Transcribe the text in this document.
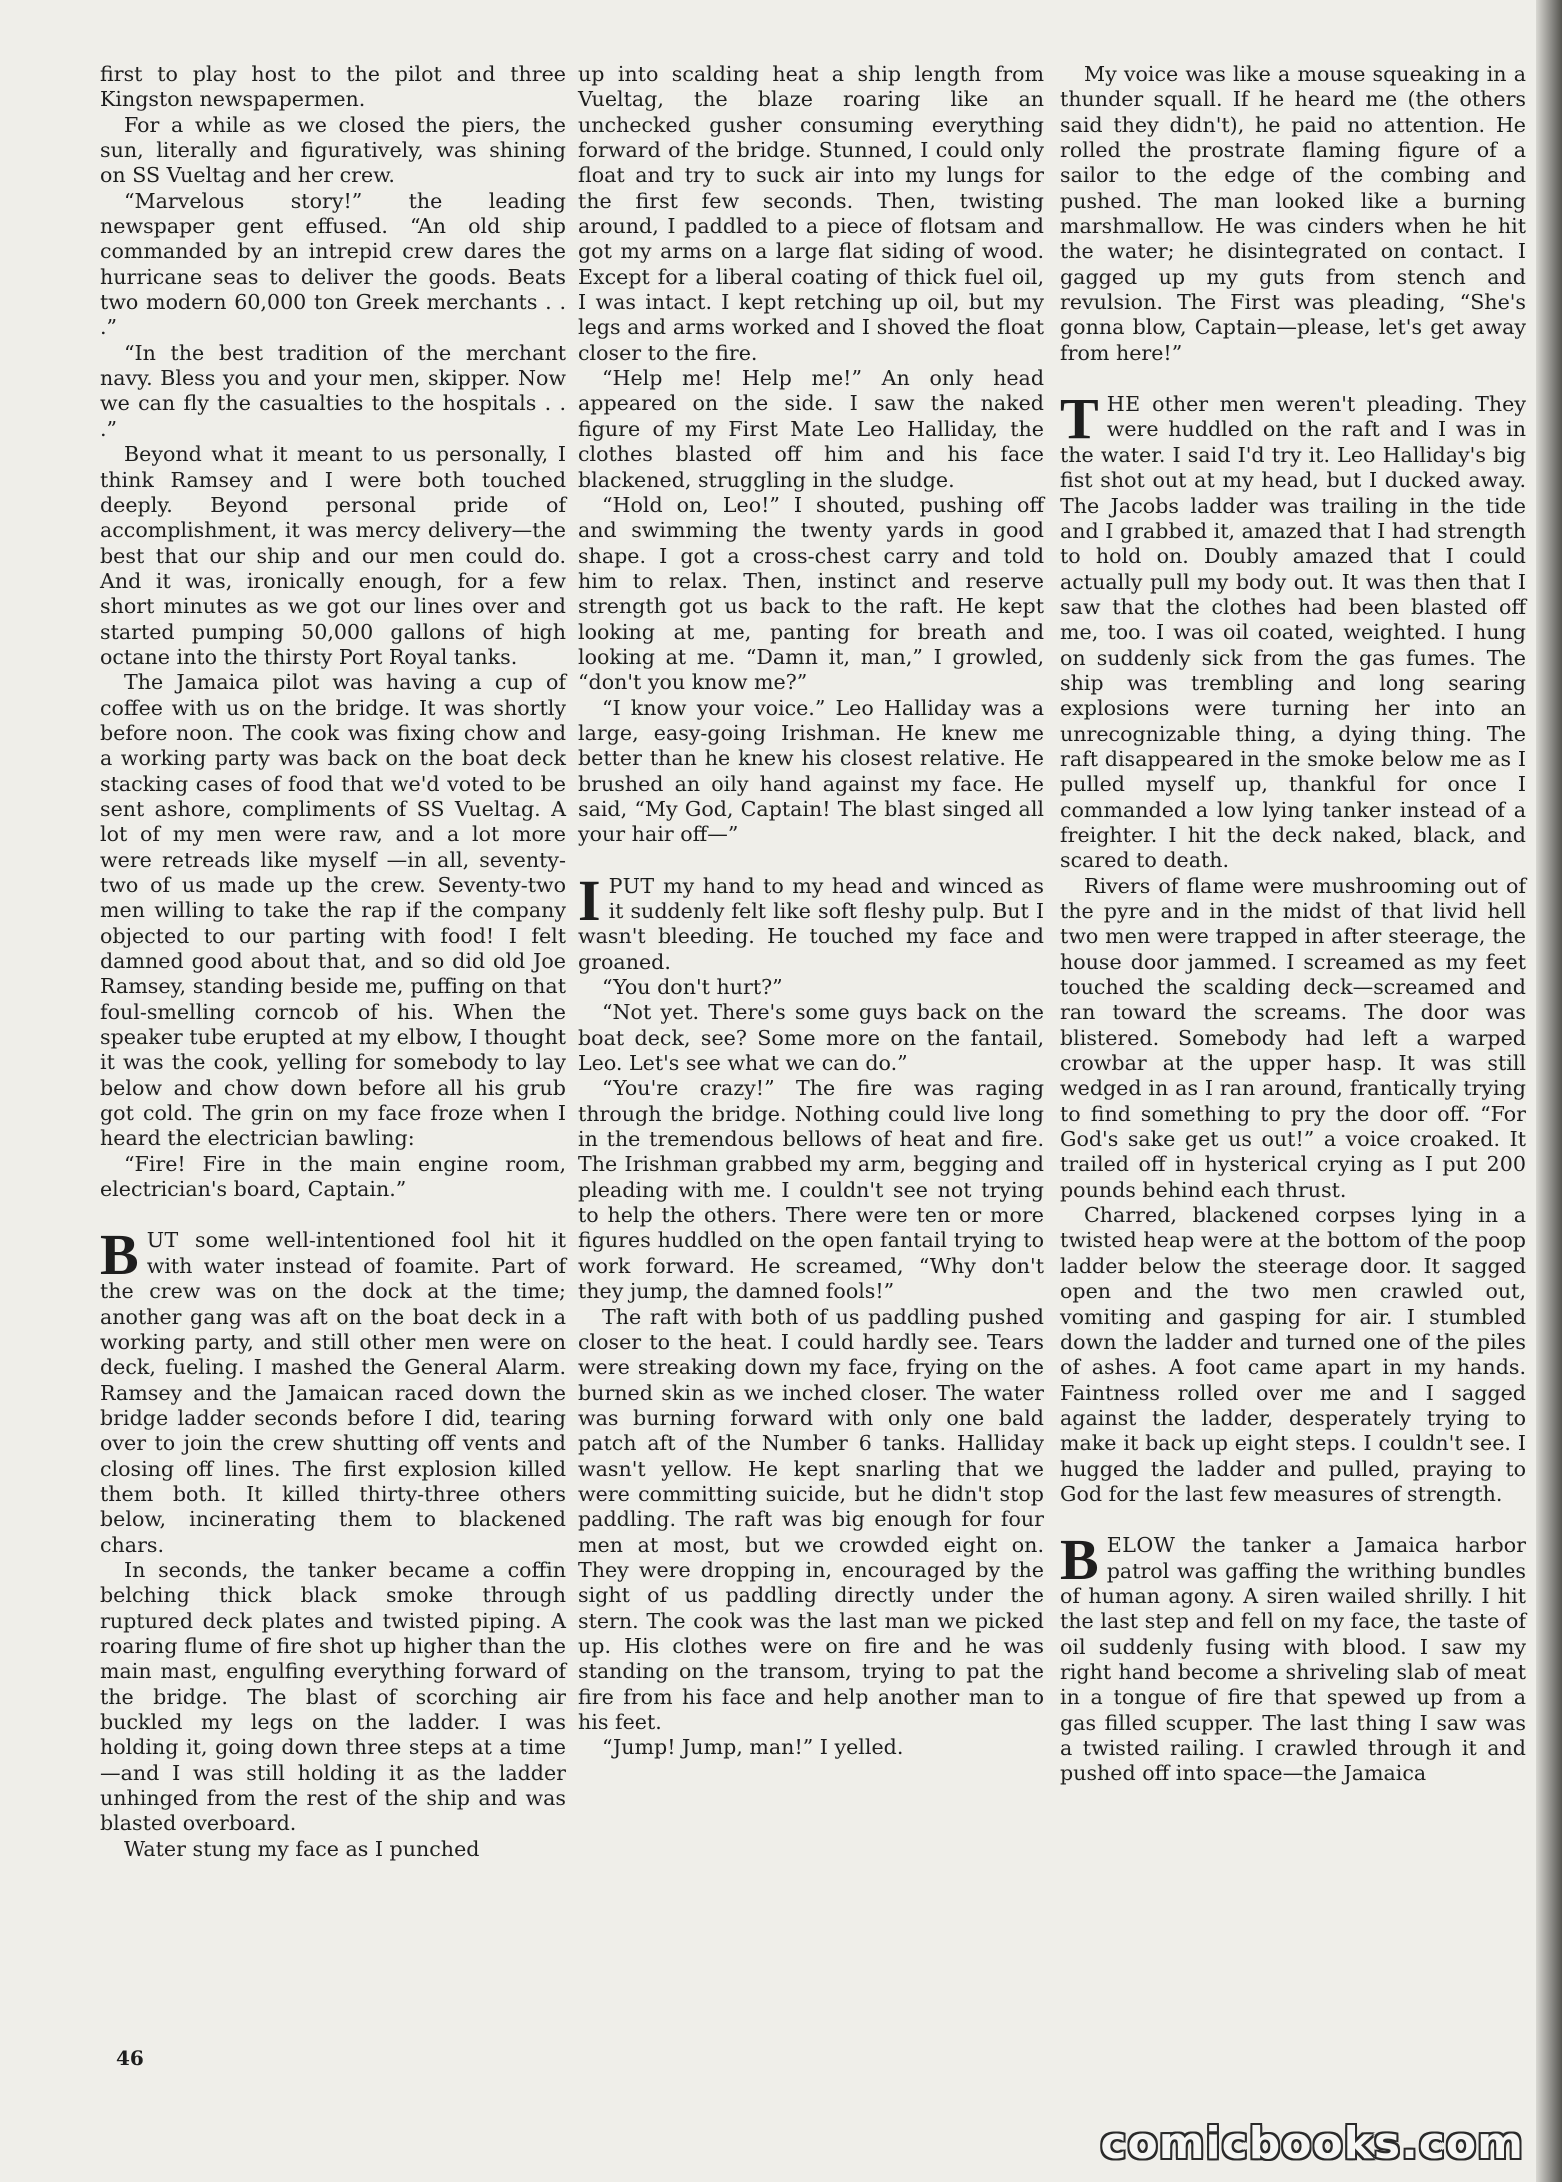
first to play host to the pilot and three Kingston newspapermen.

For a while as we closed the piers, the sun, literally and figuratively, was shining on SS Vueltag and her crew.

“Marvelous story!” the leading newspaper gent effused. “An old ship commanded by an intrepid crew dares the hurricane seas to deliver the goods. Beats two modern 60,000 ton Greek merchants . . .”

“In the best tradition of the merchant navy. Bless you and your men, skipper. Now we can fly the casualties to the hospitals . . .”

Beyond what it meant to us personally, I think Ramsey and I were both touched deeply. Beyond personal pride of accomplishment, it was mercy delivery—the best that our ship and our men could do. And it was, ironically enough, for a few short minutes as we got our lines over and started pumping 50,000 gallons of high octane into the thirsty Port Royal tanks.

The Jamaica pilot was having a cup of coffee with us on the bridge. It was shortly before noon. The cook was fixing chow and a working party was back on the boat deck stacking cases of food that we'd voted to be sent ashore, compliments of SS Vueltag. A lot of my men were raw, and a lot more were retreads like myself —in all, seventy-two of us made up the crew. Seventy-two men willing to take the rap if the company objected to our parting with food! I felt damned good about that, and so did old Joe Ramsey, standing beside me, puffing on that foul-smelling corncob of his. When the speaker tube erupted at my elbow, I thought it was the cook, yelling for somebody to lay below and chow down before all his grub got cold. The grin on my face froze when I heard the electrician bawling:

“Fire! Fire in the main engine room, electrician's board, Captain.”

BUT some well-intentioned fool hit it with water instead of foamite. Part of the crew was on the dock at the time; another gang was aft on the boat deck in a working party, and still other men were on deck, fueling. I mashed the General Alarm. Ramsey and the Jamaican raced down the bridge ladder seconds before I did, tearing over to join the crew shutting off vents and closing off lines. The first explosion killed them both. It killed thirty-three others below, incinerating them to blackened chars.

In seconds, the tanker became a coffin belching thick black smoke through ruptured deck plates and twisted piping. A roaring flume of fire shot up higher than the main mast, engulfing everything forward of the bridge. The blast of scorching air buckled my legs on the ladder. I was holding it, going down three steps at a time—and I was still holding it as the ladder unhinged from the rest of the ship and was blasted overboard.

Water stung my face as I punched

up into scalding heat a ship length from Vueltag, the blaze roaring like an unchecked gusher consuming everything forward of the bridge. Stunned, I could only float and try to suck air into my lungs for the first few seconds. Then, twisting around, I paddled to a piece of flotsam and got my arms on a large flat siding of wood. Except for a liberal coating of thick fuel oil, I was intact. I kept retching up oil, but my legs and arms worked and I shoved the float closer to the fire.

“Help me! Help me!” An only head appeared on the side. I saw the naked figure of my First Mate Leo Halliday, the clothes blasted off him and his face blackened, struggling in the sludge.

“Hold on, Leo!” I shouted, pushing off and swimming the twenty yards in good shape. I got a cross-chest carry and told him to relax. Then, instinct and reserve strength got us back to the raft. He kept looking at me, panting for breath and looking at me. “Damn it, man,” I growled, “don't you know me?”

“I know your voice.” Leo Halliday was a large, easy-going Irishman. He knew me better than he knew his closest relative. He brushed an oily hand against my face. He said, “My God, Captain! The blast singed all your hair off—”

IPUT my hand to my head and winced as it suddenly felt like soft fleshy pulp. But I wasn't bleeding. He touched my face and groaned.

“You don't hurt?”

“Not yet. There's some guys back on the boat deck, see? Some more on the fantail, Leo. Let's see what we can do.”

“You're crazy!” The fire was raging through the bridge. Nothing could live long in the tremendous bellows of heat and fire. The Irishman grabbed my arm, begging and pleading with me. I couldn't see not trying to help the others. There were ten or more figures huddled on the open fantail trying to work forward. He screamed, “Why don't they jump, the damned fools!”

The raft with both of us paddling pushed closer to the heat. I could hardly see. Tears were streaking down my face, frying on the burned skin as we inched closer. The water was burning forward with only one bald patch aft of the Number 6 tanks. Halliday wasn't yellow. He kept snarling that we were committing suicide, but he didn't stop paddling. The raft was big enough for four men at most, but we crowded eight on. They were dropping in, encouraged by the sight of us paddling directly under the stern. The cook was the last man we picked up. His clothes were on fire and he was standing on the transom, trying to pat the fire from his face and help another man to his feet.

“Jump! Jump, man!” I yelled.

My voice was like a mouse squeaking in a thunder squall. If he heard me (the others said they didn't), he paid no attention. He rolled the prostrate flaming figure of a sailor to the edge of the combing and pushed. The man looked like a burning marshmallow. He was cinders when he hit the water; he disintegrated on contact. I gagged up my guts from stench and revulsion. The First was pleading, “She's gonna blow, Captain—please, let's get away from here!”

THE other men weren't pleading. They were huddled on the raft and I was in the water. I said I'd try it. Leo Halliday's big fist shot out at my head, but I ducked away. The Jacobs ladder was trailing in the tide and I grabbed it, amazed that I had strength to hold on. Doubly amazed that I could actually pull my body out. It was then that I saw that the clothes had been blasted off me, too. I was oil coated, weighted. I hung on suddenly sick from the gas fumes. The ship was trembling and long searing explosions were turning her into an unrecognizable thing, a dying thing. The raft disappeared in the smoke below me as I pulled myself up, thankful for once I commanded a low lying tanker instead of a freighter. I hit the deck naked, black, and scared to death.

Rivers of flame were mushrooming out of the pyre and in the midst of that livid hell two men were trapped in after steerage, the house door jammed. I screamed as my feet touched the scalding deck—screamed and ran toward the screams. The door was blistered. Somebody had left a warped crowbar at the upper hasp. It was still wedged in as I ran around, frantically trying to find something to pry the door off. “For God's sake get us out!” a voice croaked. It trailed off in hysterical crying as I put 200 pounds behind each thrust.

Charred, blackened corpses lying in a twisted heap were at the bottom of the poop ladder below the steerage door. It sagged open and the two men crawled out, vomiting and gasping for air. I stumbled down the ladder and turned one of the piles of ashes. A foot came apart in my hands. Faintness rolled over me and I sagged against the ladder, desperately trying to make it back up eight steps. I couldn't see. I hugged the ladder and pulled, praying to God for the last few measures of strength.

BELOW the tanker a Jamaica harbor patrol was gaffing the writhing bundles of human agony. A siren wailed shrilly. I hit the last step and fell on my face, the taste of oil suddenly fusing with blood. I saw my right hand become a shriveling slab of meat in a tongue of fire that spewed up from a gas filled scupper. The last thing I saw was a twisted railing. I crawled through it and pushed off into space—the Jamaica

46
comicbooks.com
